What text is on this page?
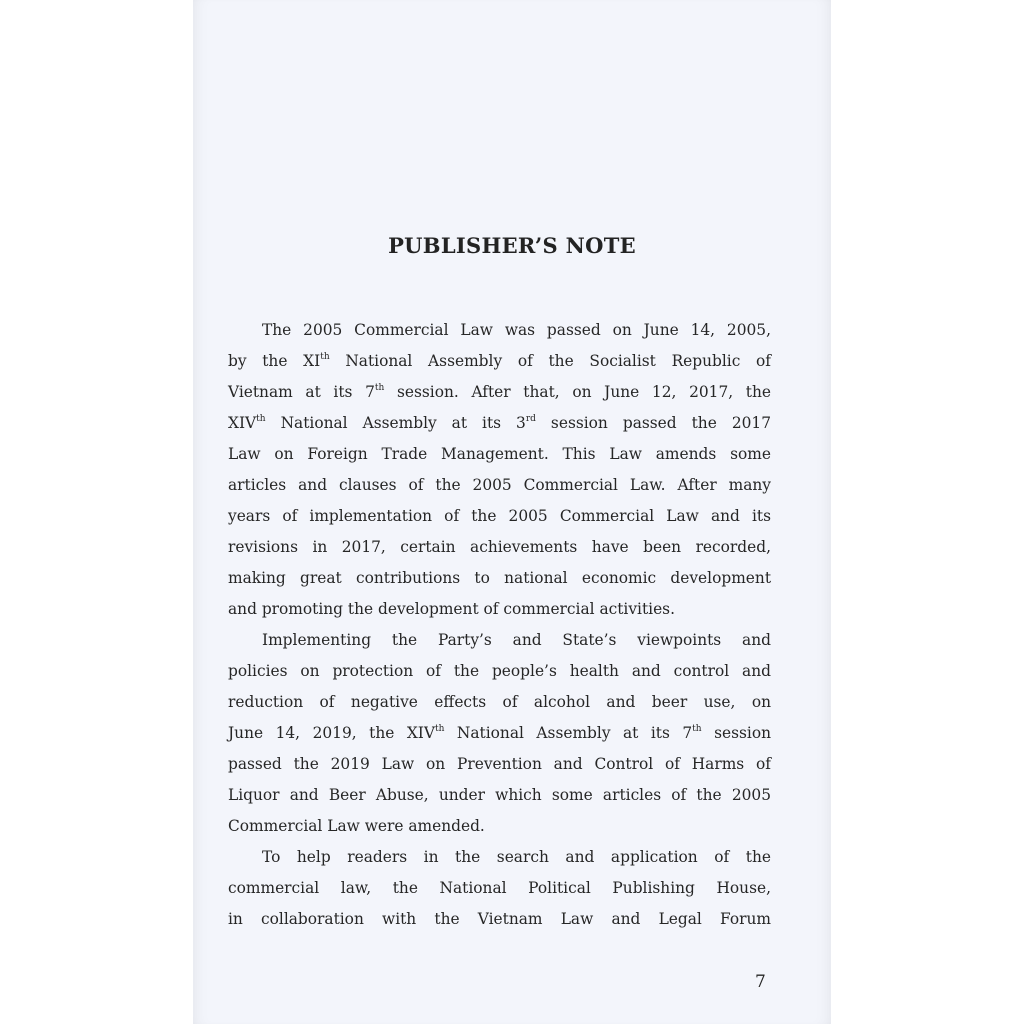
PUBLISHER’S NOTE
The 2005 Commercial Law was passed on June 14, 2005,
by the XIth National Assembly of the Socialist Republic of
Vietnam at its 7th session. After that, on June 12, 2017, the
XIVth National Assembly at its 3rd session passed the 2017
Law on Foreign Trade Management. This Law amends some
articles and clauses of the 2005 Commercial Law. After many
years of implementation of the 2005 Commercial Law and its
revisions in 2017, certain achievements have been recorded,
making great contributions to national economic development
and promoting the development of commercial activities.
Implementing the Party’s and State’s viewpoints and
policies on protection of the people’s health and control and
reduction of negative effects of alcohol and beer use, on
June 14, 2019, the XIVth National Assembly at its 7th session
passed the 2019 Law on Prevention and Control of Harms of
Liquor and Beer Abuse, under which some articles of the 2005
Commercial Law were amended.
To help readers in the search and application of the
commercial law, the National Political Publishing House,
in collaboration with the Vietnam Law and Legal Forum
7
